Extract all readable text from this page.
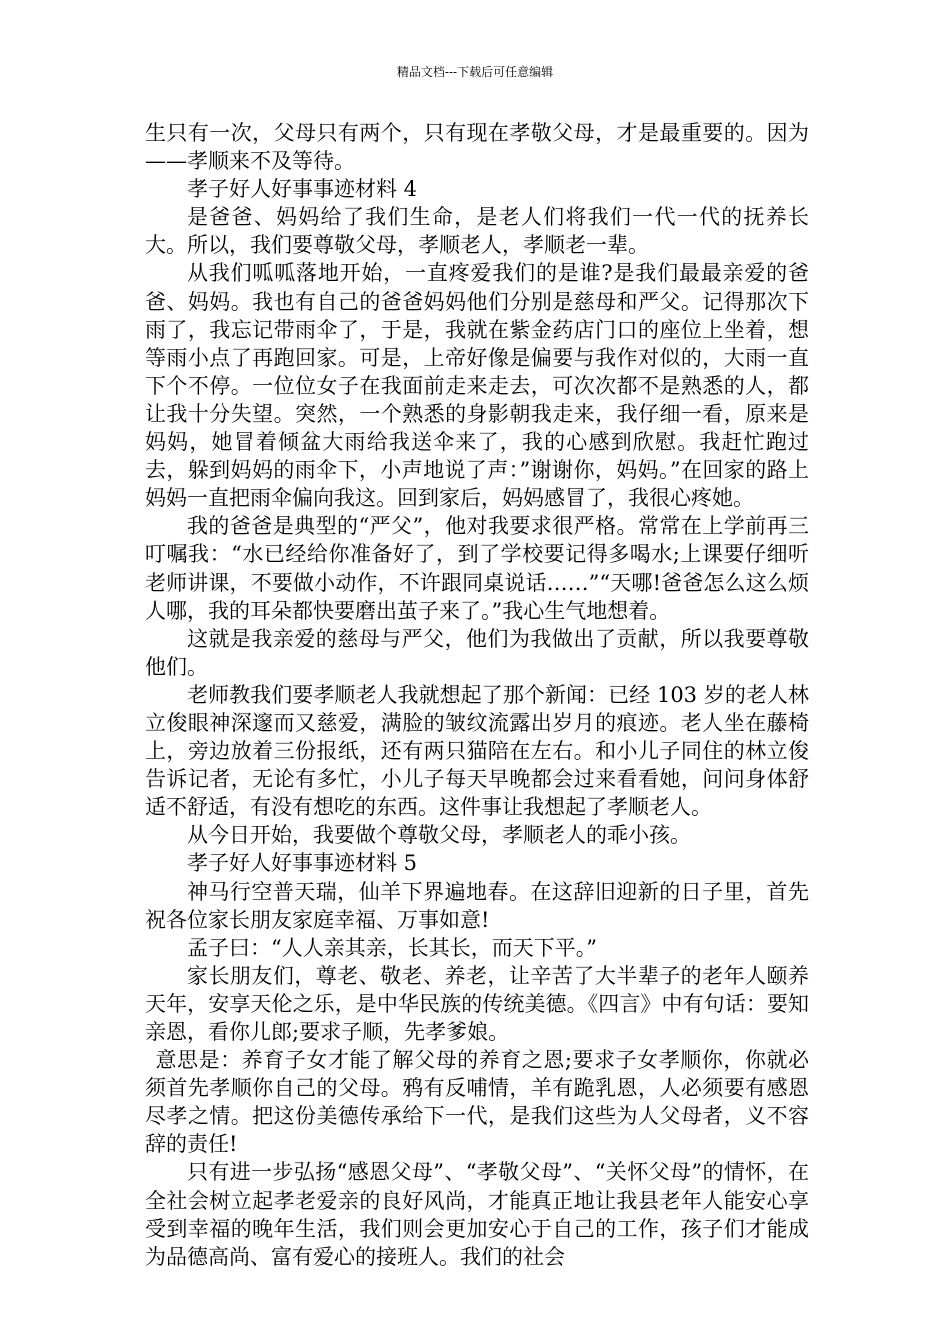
精品文档---下载后可任意编辑

生只有一次，父母只有两个，只有现在孝敬父母，才是最重要的。因为——孝顺来不及等待。

孝子好人好事事迹材料 4

是爸爸、妈妈给了我们生命，是老人们将我们一代一代的抚养长大。所以，我们要尊敬父母，孝顺老人，孝顺老一辈。

从我们呱呱落地开始，一直疼爱我们的是谁?是我们最最亲爱的爸爸、妈妈。我也有自己的爸爸妈妈他们分别是慈母和严父。记得那次下雨了，我忘记带雨伞了，于是，我就在紫金药店门口的座位上坐着，想等雨小点了再跑回家。可是，上帝好像是偏要与我作对似的，大雨一直下个不停。一位位女子在我面前走来走去，可次次都不是熟悉的人，都让我十分失望。突然，一个熟悉的身影朝我走来，我仔细一看，原来是妈妈，她冒着倾盆大雨给我送伞来了，我的心感到欣慰。我赶忙跑过去，躲到妈妈的雨伞下，小声地说了声：”谢谢你，妈妈。”在回家的路上妈妈一直把雨伞偏向我这。回到家后，妈妈感冒了，我很心疼她。

我的爸爸是典型的“严父”，他对我要求很严格。常常在上学前再三叮嘱我：“水已经给你准备好了，到了学校要记得多喝水;上课要仔细听老师讲课，不要做小动作，不许跟同桌说话……”“天哪!爸爸怎么这么烦人哪，我的耳朵都快要磨出茧子来了。”我心生气地想着。

这就是我亲爱的慈母与严父，他们为我做出了贡献，所以我要尊敬他们。

老师教我们要孝顺老人我就想起了那个新闻：已经 103 岁的老人林立俊眼神深邃而又慈爱，满脸的皱纹流露出岁月的痕迹。老人坐在藤椅上，旁边放着三份报纸，还有两只猫陪在左右。和小儿子同住的林立俊告诉记者，无论有多忙，小儿子每天早晚都会过来看看她，问问身体舒适不舒适，有没有想吃的东西。这件事让我想起了孝顺老人。

从今日开始，我要做个尊敬父母，孝顺老人的乖小孩。

孝子好人好事事迹材料 5

神马行空普天瑞，仙羊下界遍地春。在这辞旧迎新的日子里，首先祝各位家长朋友家庭幸福、万事如意!

孟子曰：“人人亲其亲，长其长，而天下平。”

家长朋友们，尊老、敬老、养老，让辛苦了大半辈子的老年人颐养天年，安享天伦之乐，是中华民族的传统美德。《四言》中有句话：要知亲恩，看你儿郎;要求子顺，先孝爹娘。

意思是：养育子女才能了解父母的养育之恩;要求子女孝顺你，你就必须首先孝顺你自己的父母。鸦有反哺情，羊有跪乳恩，人必须要有感恩尽孝之情。把这份美德传承给下一代，是我们这些为人父母者，义不容辞的责任!

只有进一步弘扬“感恩父母”、“孝敬父母”、“关怀父母”的情怀，在全社会树立起孝老爱亲的良好风尚，才能真正地让我县老年人能安心享受到幸福的晚年生活，我们则会更加安心于自己的工作，孩子们才能成为品德高尚、富有爱心的接班人。我们的社会
